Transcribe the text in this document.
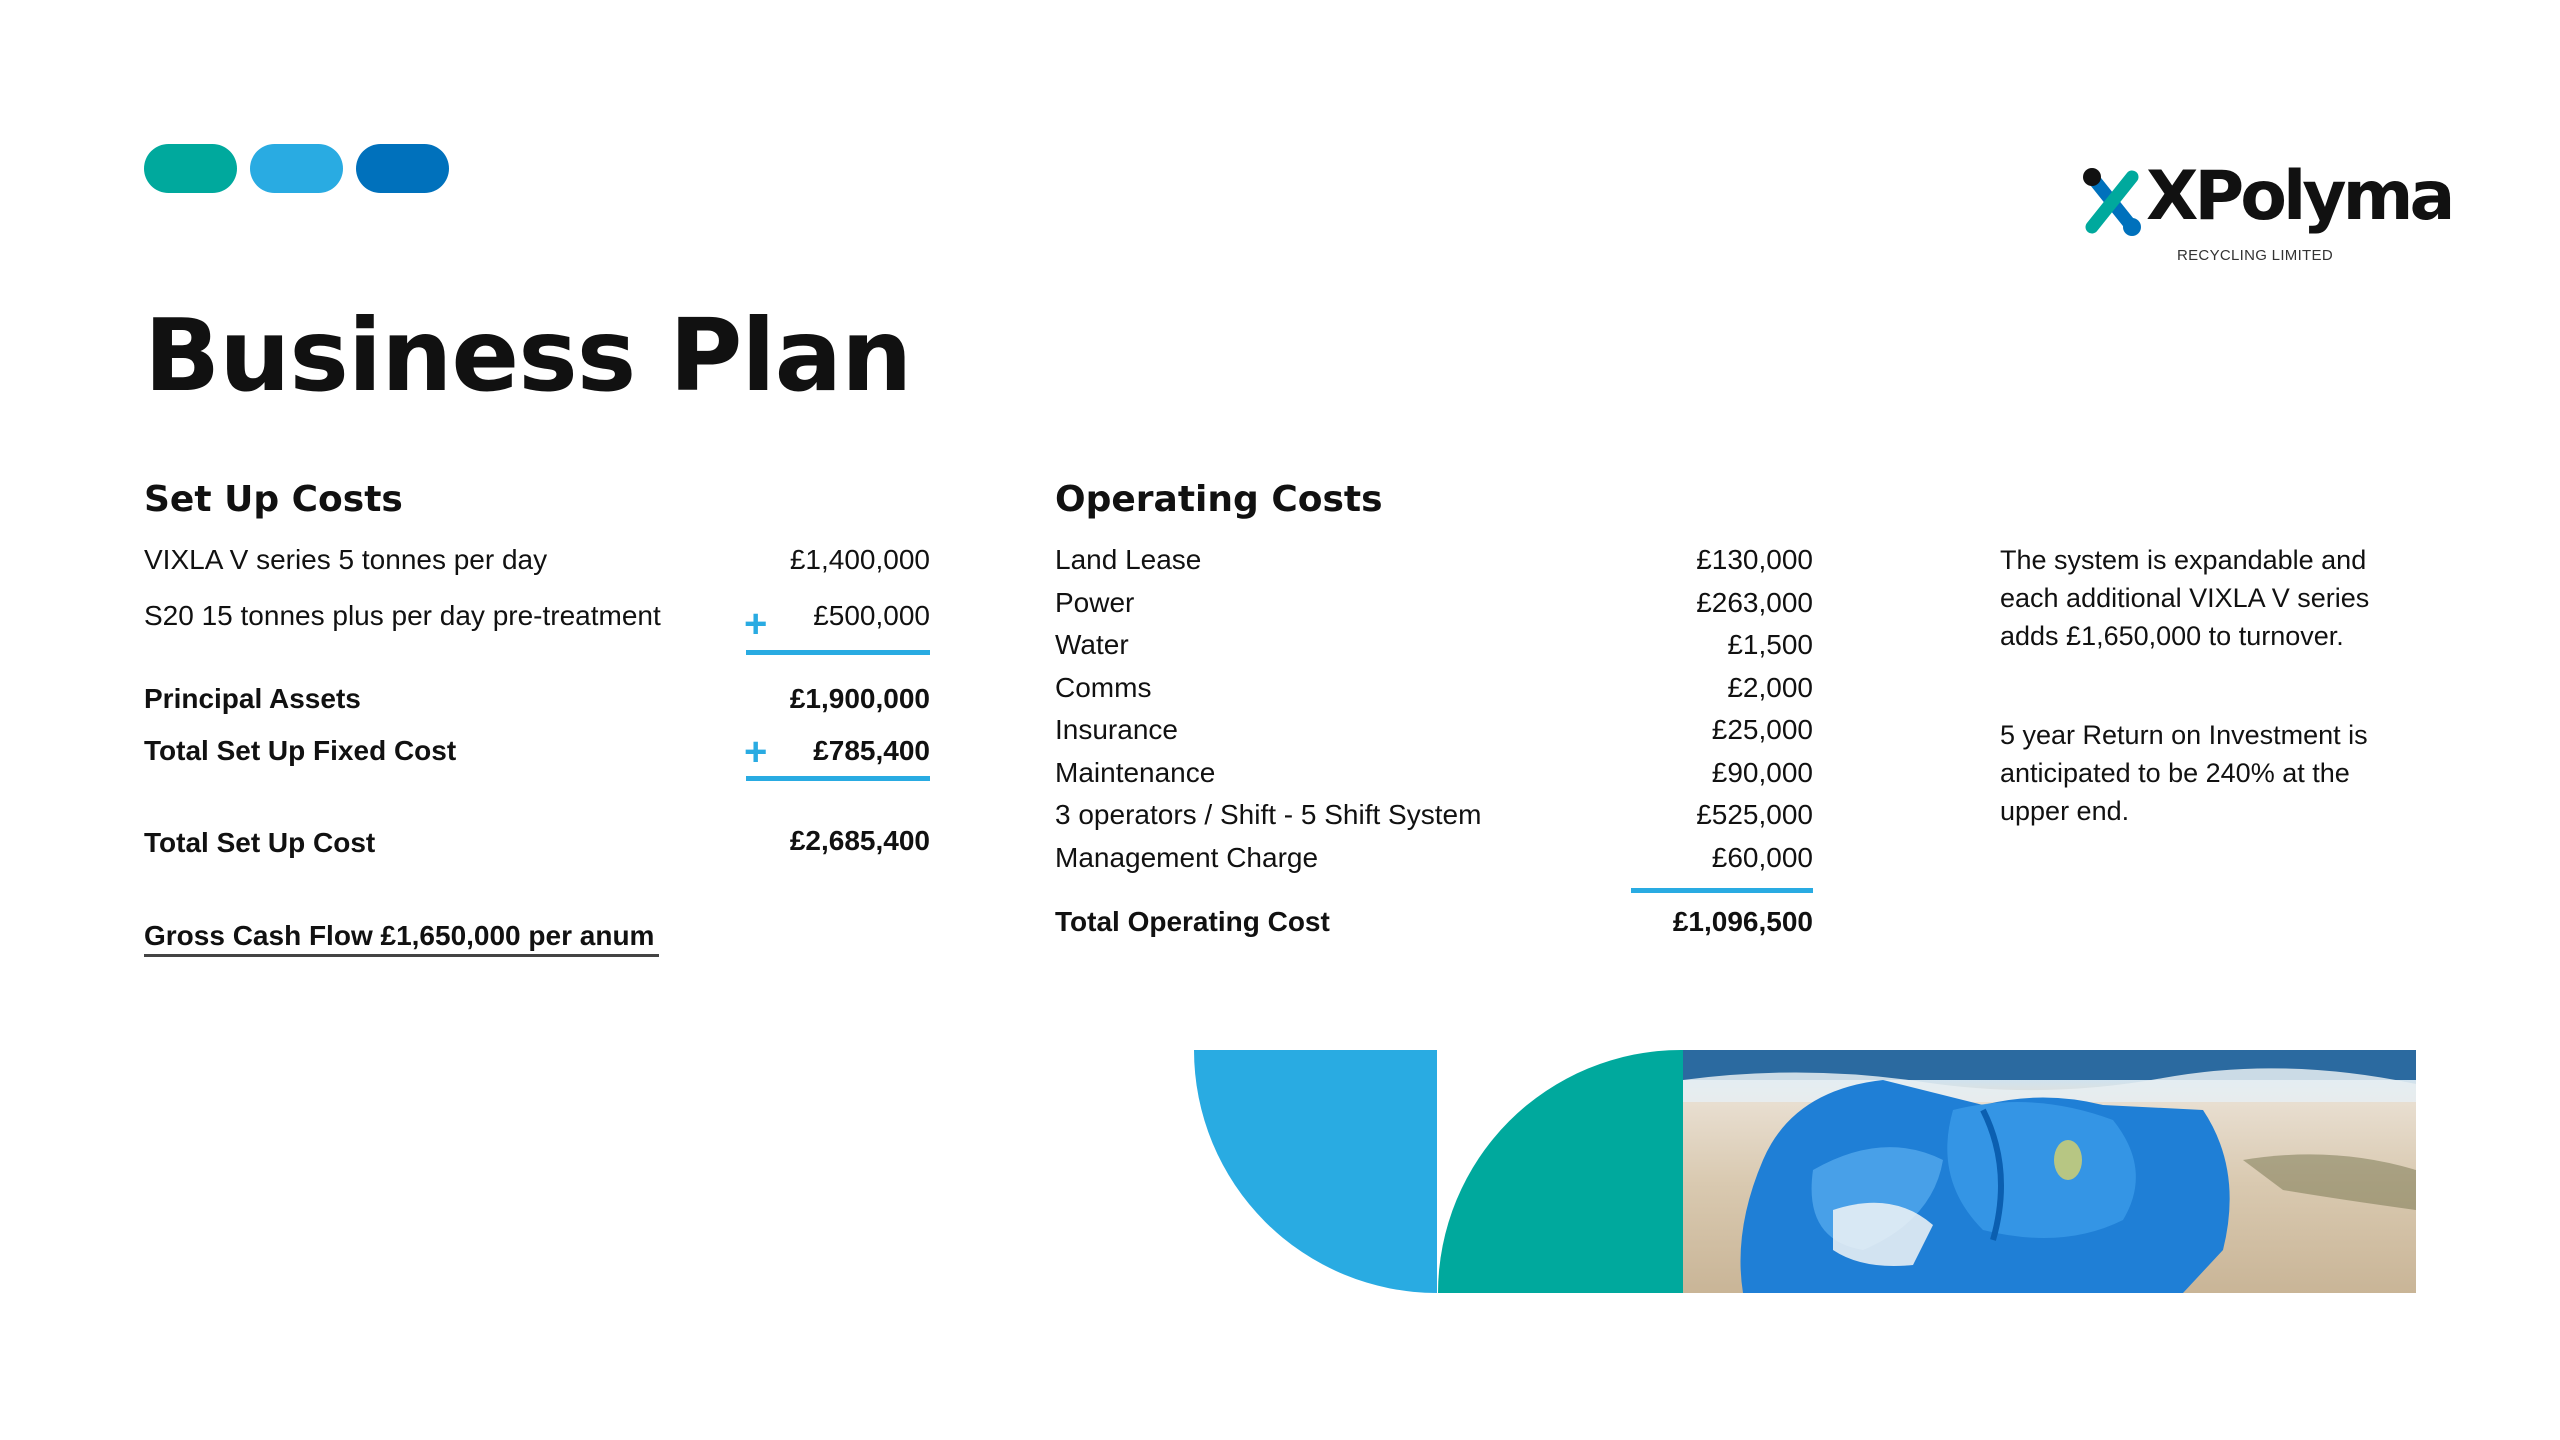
XPolyma
RECYCLING LIMITED
Business Plan
Set Up Costs
VIXLA V series 5 tonnes per day	£1,400,000
S20 15 tonnes plus per day pre-treatment +	£500,000
Principal Assets	£1,900,000
Total Set Up Fixed Cost	+	£785,400
Total Set Up Cost	£2,685,400
Gross Cash Flow £1,650,000 per anum
Operating Costs
Land Lease	£130,000
Power	£263,000
Water	£1,500
Comms	£2,000
Insurance	£25,000
Maintenance	£90,000
3 operators / Shift - 5 Shift System	£525,000
Management Charge	£60,000
Total Operating Cost	£1,096,500
The system is expandable and each additional VIXLA V series adds £1,650,000 to turnover.
5 year Return on Investment is anticipated to be 240% at the upper end.
